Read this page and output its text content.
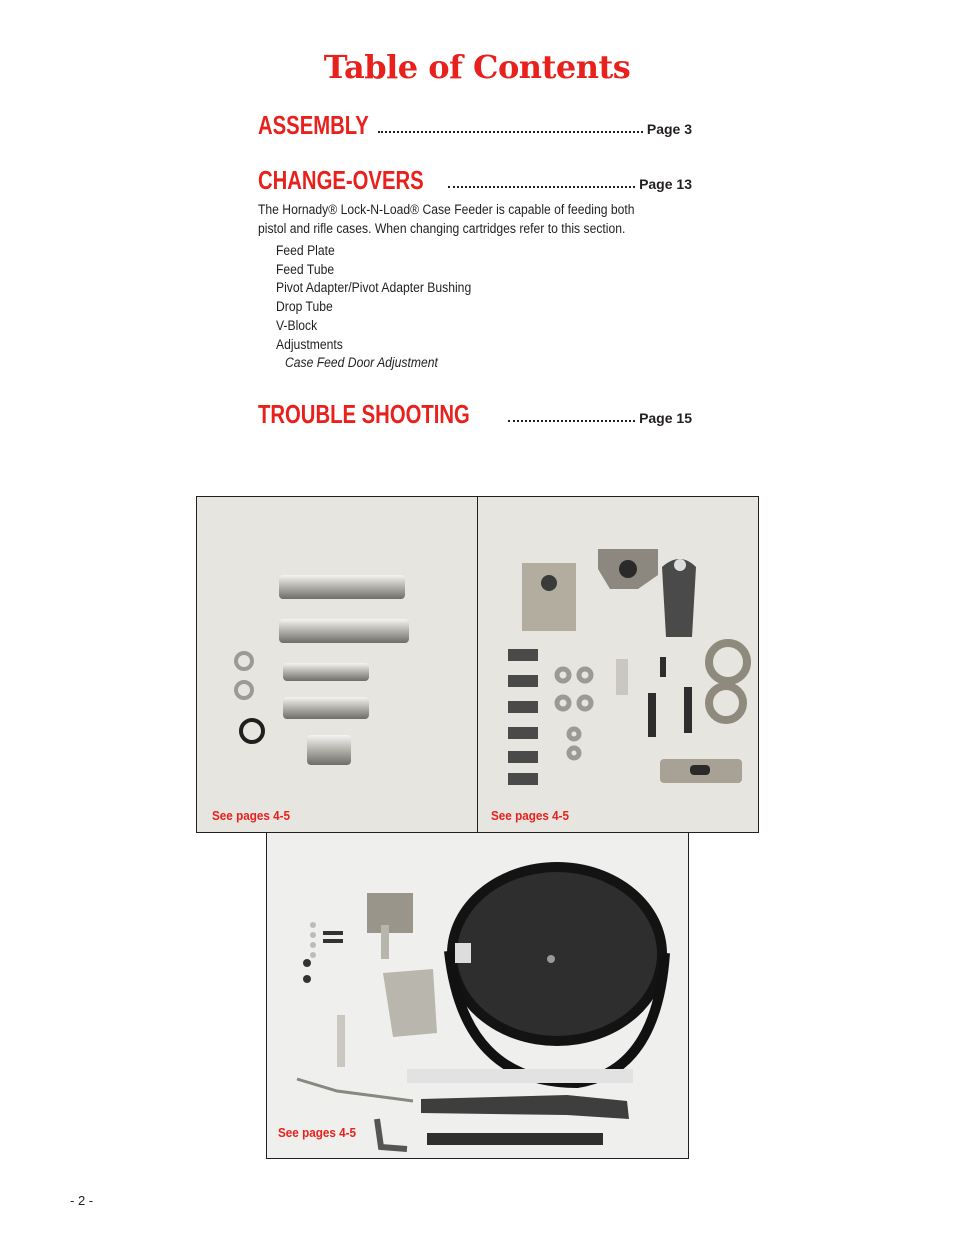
Table of Contents
ASSEMBLY	Page 3
CHANGE-OVERS	Page 13
The Hornady® Lock-N-Load® Case Feeder is capable of feeding both pistol and rifle cases. When changing cartridges refer to this section.
Feed Plate
Feed Tube
Pivot Adapter/Pivot Adapter Bushing
Drop Tube
V-Block
Adjustments
Case Feed Door Adjustment
TROUBLE SHOOTING	Page 15
See pages 4-5	See pages 4-5
See pages 4-5
- 2 -
